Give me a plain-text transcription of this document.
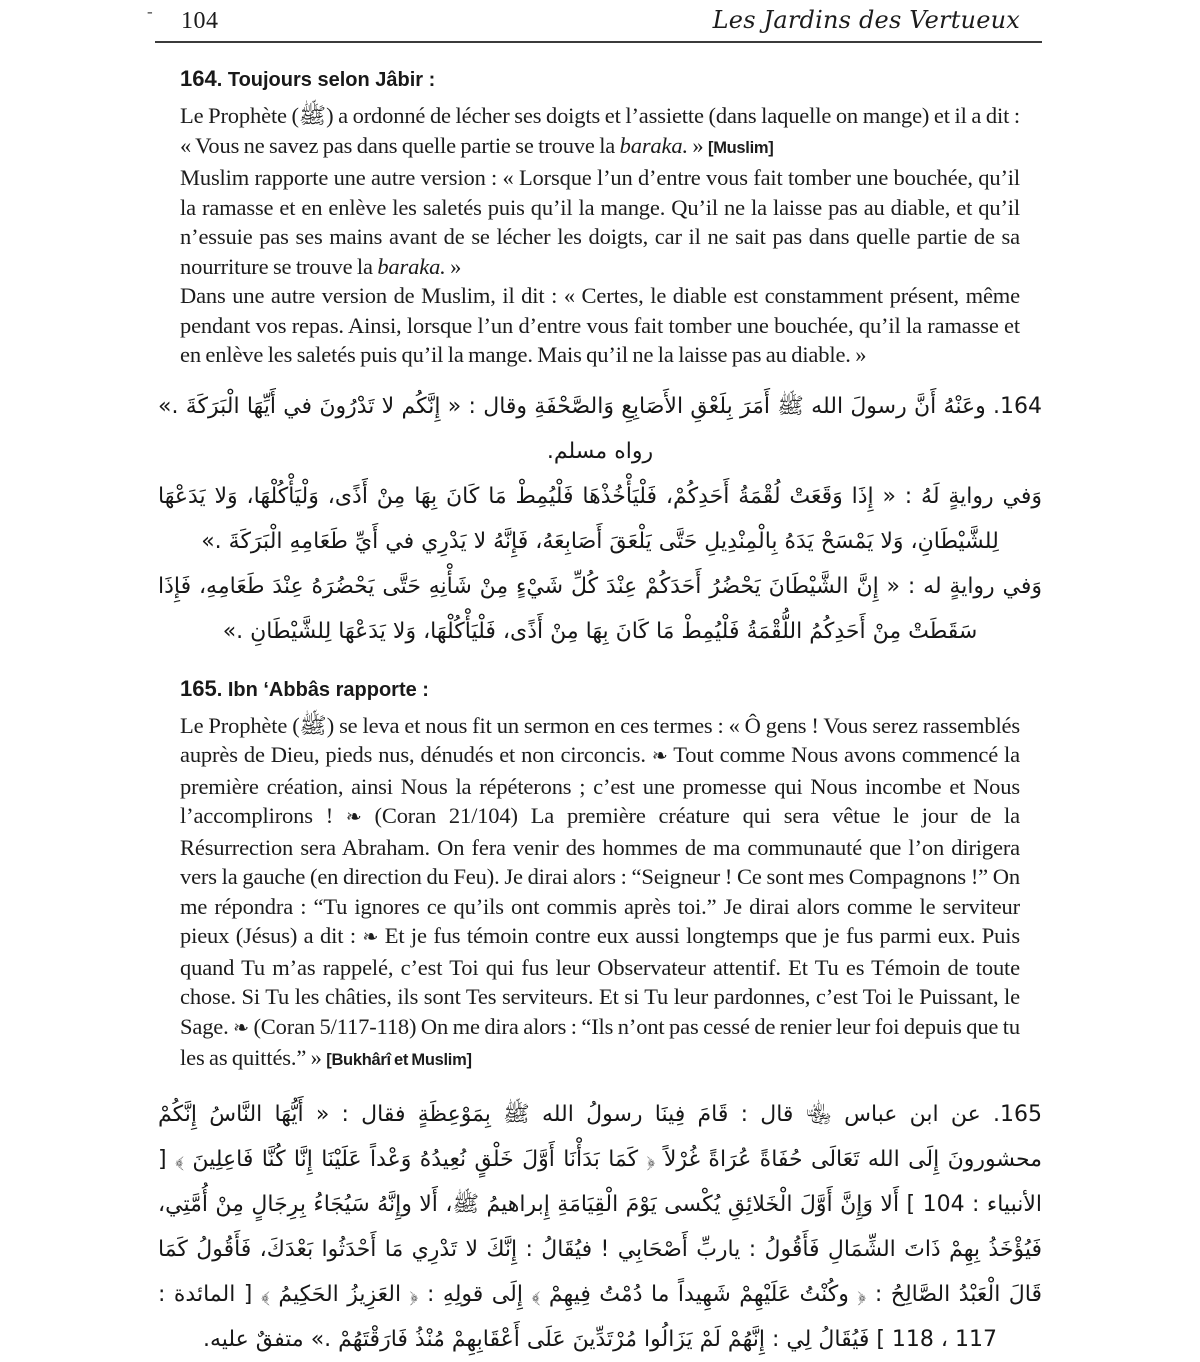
- 104	Les Jardins des Vertueux
164. Toujours selon Jâbir :

Le Prophète (ﷺ) a ordonné de lécher ses doigts et l’assiette (dans laquelle on mange) et il a dit : « Vous ne savez pas dans quelle partie se trouve la baraka. » [Muslim]

Muslim rapporte une autre version : « Lorsque l’un d’entre vous fait tomber une bouchée, qu’il la ramasse et en enlève les saletés puis qu’il la mange. Qu’il ne la laisse pas au diable, et qu’il n’essuie pas ses mains avant de se lécher les doigts, car il ne sait pas dans quelle partie de sa nourriture se trouve la baraka. »

Dans une autre version de Muslim, il dit : « Certes, le diable est constamment présent, même pendant vos repas. Ainsi, lorsque l’un d’entre vous fait tomber une bouchée, qu’il la ramasse et en enlève les saletés puis qu’il la mange. Mais qu’il ne la laisse pas au diable. »

164. وعَنْهُ أَنَّ رسولَ الله ﷺ أَمَرَ بِلَعْقِ الأَصَابِعِ وَالصَّحْفَةِ وقال : « إِنَّكُم لا تَدْرُونَ في أَيِّهَا الْبَرَكَةَ .» رواه مسلم.

وَفي روايةٍ لَهُ : « إِذَا وَقَعَتْ لُقْمَةُ أَحَدِكُمْ، فَلْيَأْخُذْهَا فَلْيُمِطْ مَا كَانَ بِهَا مِنْ أَذًى، وَلْيَأْكُلْهَا، وَلا يَدَعْهَا لِلشَّيْطَانِ، وَلا يَمْسَحْ يَدَهُ بِالْمِنْدِيلِ حَتَّى يَلْعَقَ أَصَابِعَهُ، فَإِنَّهُ لا يَدْرِي في أَيِّ طَعَامِهِ الْبَرَكَةَ .»

وَفي روايةٍ له : « إِنَّ الشَّيْطَانَ يَحْضُرُ أَحَدَكُمْ عِنْدَ كُلِّ شَيْءٍ مِنْ شَأْنِهِ حَتَّى يَحْضُرَهُ عِنْدَ طَعَامِهِ، فَإِذَا سَقَطَتْ مِنْ أَحَدِكُمُ اللُّقْمَةُ فَلْيُمِطْ مَا كَانَ بِهَا مِنْ أَذًى، فَلْيَأْكُلْهَا، وَلا يَدَعْهَا لِلشَّيْطَانِ .»

165. Ibn ‘Abbâs rapporte :

Le Prophète (ﷺ) se leva et nous fit un sermon en ces termes : « Ô gens ! Vous serez rassemblés auprès de Dieu, pieds nus, dénudés et non circoncis. ❧ Tout comme Nous avons commencé la première création, ainsi Nous la répéterons ; c’est une promesse qui Nous incombe et Nous l’accomplirons ! ❧ (Coran 21/104) La première créature qui sera vêtue le jour de la Résurrection sera Abraham. On fera venir des hommes de ma communauté que l’on dirigera vers la gauche (en direction du Feu). Je dirai alors : “Seigneur ! Ce sont mes Compagnons !” On me répondra : “Tu ignores ce qu’ils ont commis après toi.” Je dirai alors comme le serviteur pieux (Jésus) a dit : ❧ Et je fus témoin contre eux aussi longtemps que je fus parmi eux. Puis quand Tu m’as rappelé, c’est Toi qui fus leur Observateur attentif. Et Tu es Témoin de toute chose. Si Tu les châties, ils sont Tes serviteurs. Et si Tu leur pardonnes, c’est Toi le Puissant, le Sage. ❧ (Coran 5/117-118) On me dira alors : “Ils n’ont pas cessé de renier leur foi depuis que tu les as quittés.” » [Bukhârî et Muslim]

165. عن ابن عباس ﵄ قال : قَامَ فِينَا رسولُ الله ﷺ بِمَوْعِظَةٍ فقال : « أَيُّهَا النَّاسُ إِنَّكُمْ محشورونَ إِلَى الله تَعَالَى حُفَاةً عُرَاةً غُرْلاً ﴿ كَمَا بَدَأْنَا أَوَّلَ خَلْقٍ نُعِيدُهُ وَعْداً عَلَيْنَا إِنَّا كُنَّا فَاعِلِينَ ﴾ [ الأنبياء : 104 ] أَلا وَإِنَّ أَوَّلَ الْخَلائِقِ يُكْسى يَوْمَ الْقِيَامَةِ إِبراهيمُ ﷺ، أَلا وإِنَّهُ سَيُجَاءُ بِرِجَالٍ مِنْ أُمَّتِي، فَيُؤْخَذُ بِهِمْ ذَاتَ الشِّمَالِ فَأَقُولُ : ياربِّ أَصْحَابِي ! فيُقَالُ : إِنَّكَ لا تَدْرِي مَا أَحْدَثُوا بَعْدَكَ، فَأَقُولُ كَمَا قَالَ الْعَبْدُ الصَّالِحُ : ﴿ وكُنْتُ عَلَيْهِمْ شَهِيداً ما دُمْتُ فِيهِمْ ﴾ إِلَى قولِهِ : ﴿ العَزِيزُ الحَكِيمُ ﴾ [ المائدة : 117 ، 118 ] فَيُقَالُ لِي : إِنَّهُمْ لَمْ يَزَالُوا مُرْتَدِّينَ عَلَى أَعْقَابِهِمْ مُنْذُ فَارَقْتَهُمْ .» متفقٌ عليه.
